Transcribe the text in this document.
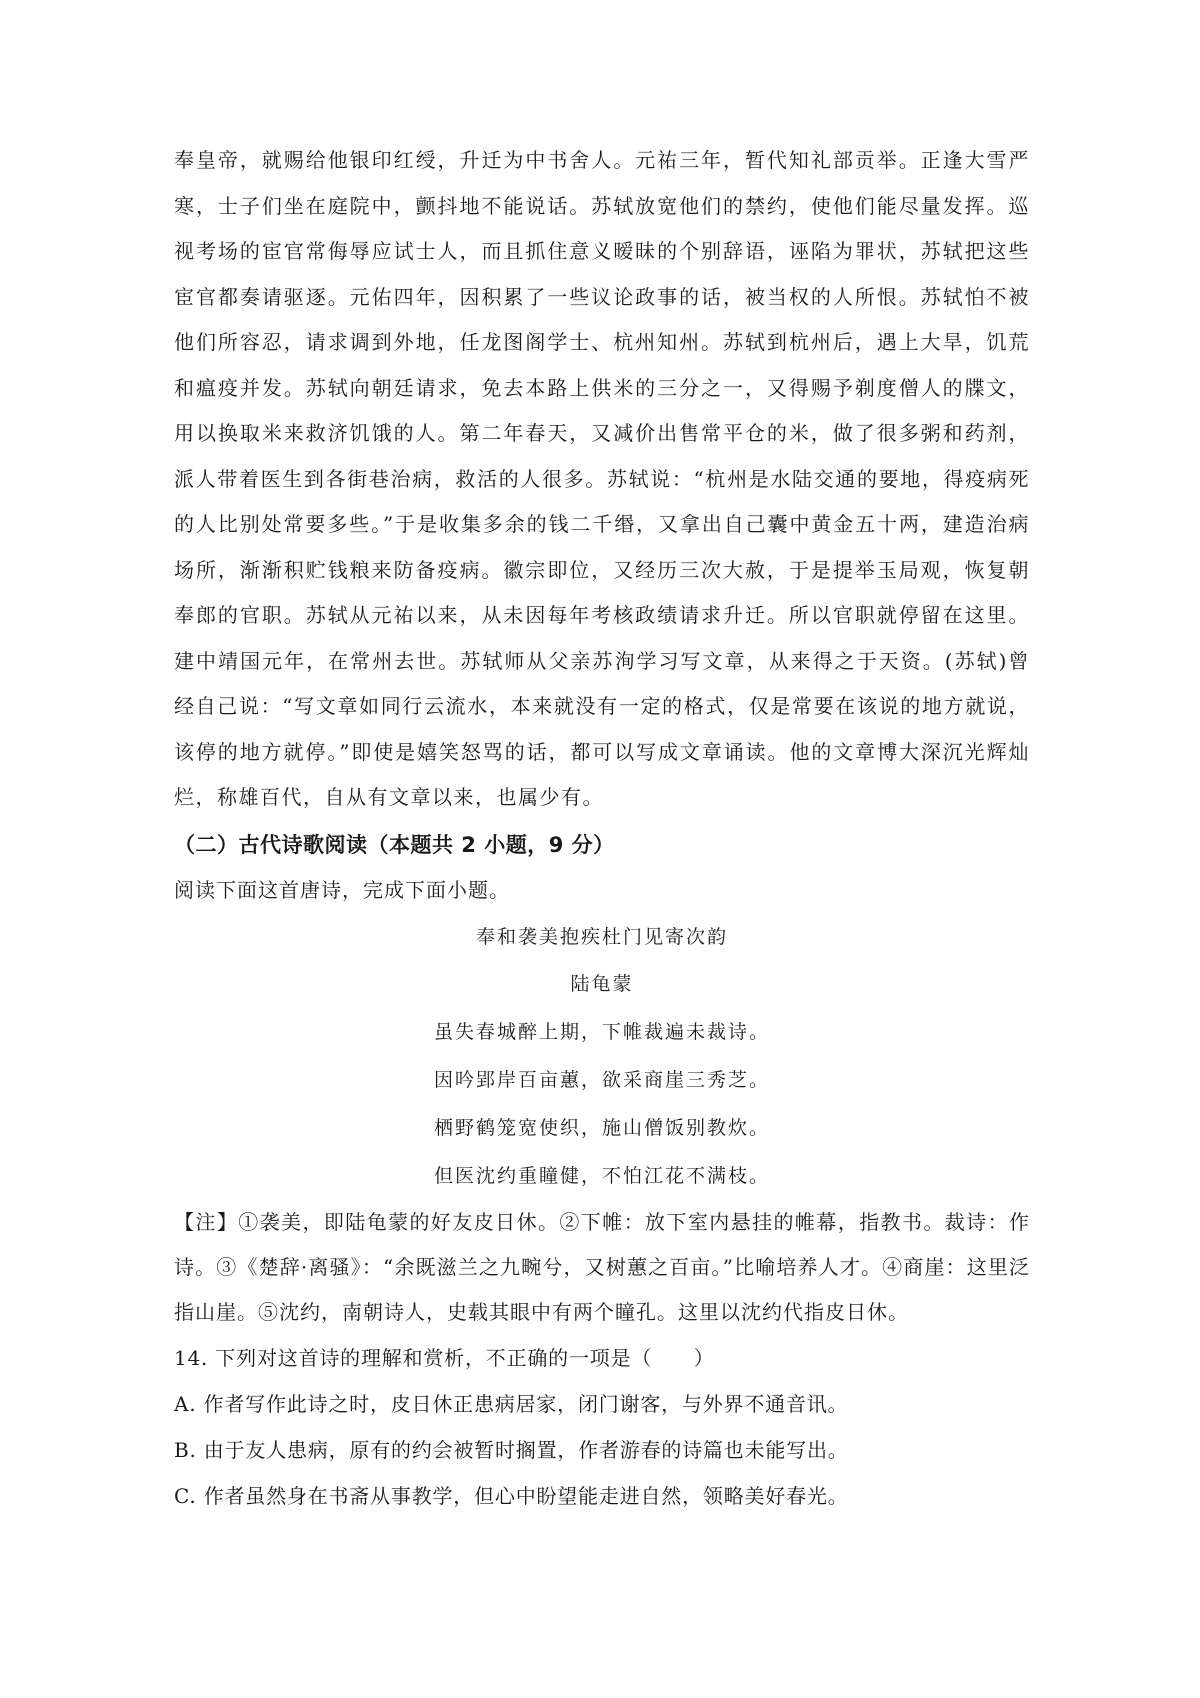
奉皇帝，就赐给他银印红绶，升迁为中书舍人。元祐三年，暂代知礼部贡举。正逢大雪严寒，士子们坐在庭院中，颤抖地不能说话。苏轼放宽他们的禁约，使他们能尽量发挥。巡视考场的宦官常侮辱应试士人，而且抓住意义暧昧的个别辞语，诬陷为罪状，苏轼把这些宦官都奏请驱逐。元佑四年，因积累了一些议论政事的话，被当权的人所恨。苏轼怕不被他们所容忍，请求调到外地，任龙图阁学士、杭州知州。苏轼到杭州后，遇上大旱，饥荒和瘟疫并发。苏轼向朝廷请求，免去本路上供米的三分之一，又得赐予剃度僧人的牒文，用以换取米来救济饥饿的人。第二年春天，又减价出售常平仓的米，做了很多粥和药剂，派人带着医生到各街巷治病，救活的人很多。苏轼说：“杭州是水陆交通的要地，得疫病死的人比别处常要多些。”于是收集多余的钱二千缗，又拿出自己囊中黄金五十两，建造治病场所，渐渐积贮钱粮来防备疫病。徽宗即位，又经历三次大赦，于是提举玉局观，恢复朝奉郎的官职。苏轼从元祐以来，从未因每年考核政绩请求升迁。所以官职就停留在这里。建中靖国元年，在常州去世。苏轼师从父亲苏洵学习写文章，从来得之于天资。(苏轼)曾经自己说：“写文章如同行云流水，本来就没有一定的格式，仅是常要在该说的地方就说，该停的地方就停。”即使是嬉笑怒骂的话，都可以写成文章诵读。他的文章博大深沉光辉灿烂，称雄百代，自从有文章以来，也属少有。

（二）古代诗歌阅读（本题共 2 小题，9 分）

阅读下面这首唐诗，完成下面小题。

奉和袭美抱疾杜门见寄次韵
陆龟蒙
虽失春城醉上期，下帷裁遍未裁诗。
因吟郢岸百亩蕙，欲采商崖三秀芝。
栖野鹤笼宽使织，施山僧饭别教炊。
但医沈约重瞳健，不怕江花不满枝。

【注】①袭美，即陆龟蒙的好友皮日休。②下帷：放下室内悬挂的帷幕，指教书。裁诗：作诗。③《楚辞·离骚》：“余既滋兰之九畹兮，又树蕙之百亩。”比喻培养人才。④商崖：这里泛指山崖。⑤沈约，南朝诗人，史载其眼中有两个瞳孔。这里以沈约代指皮日休。

14. 下列对这首诗的理解和赏析，不正确的一项是（　　）

A. 作者写作此诗之时，皮日休正患病居家，闭门谢客，与外界不通音讯。

B. 由于友人患病，原有的约会被暂时搁置，作者游春的诗篇也未能写出。

C. 作者虽然身在书斋从事教学，但心中盼望能走进自然，领略美好春光。
